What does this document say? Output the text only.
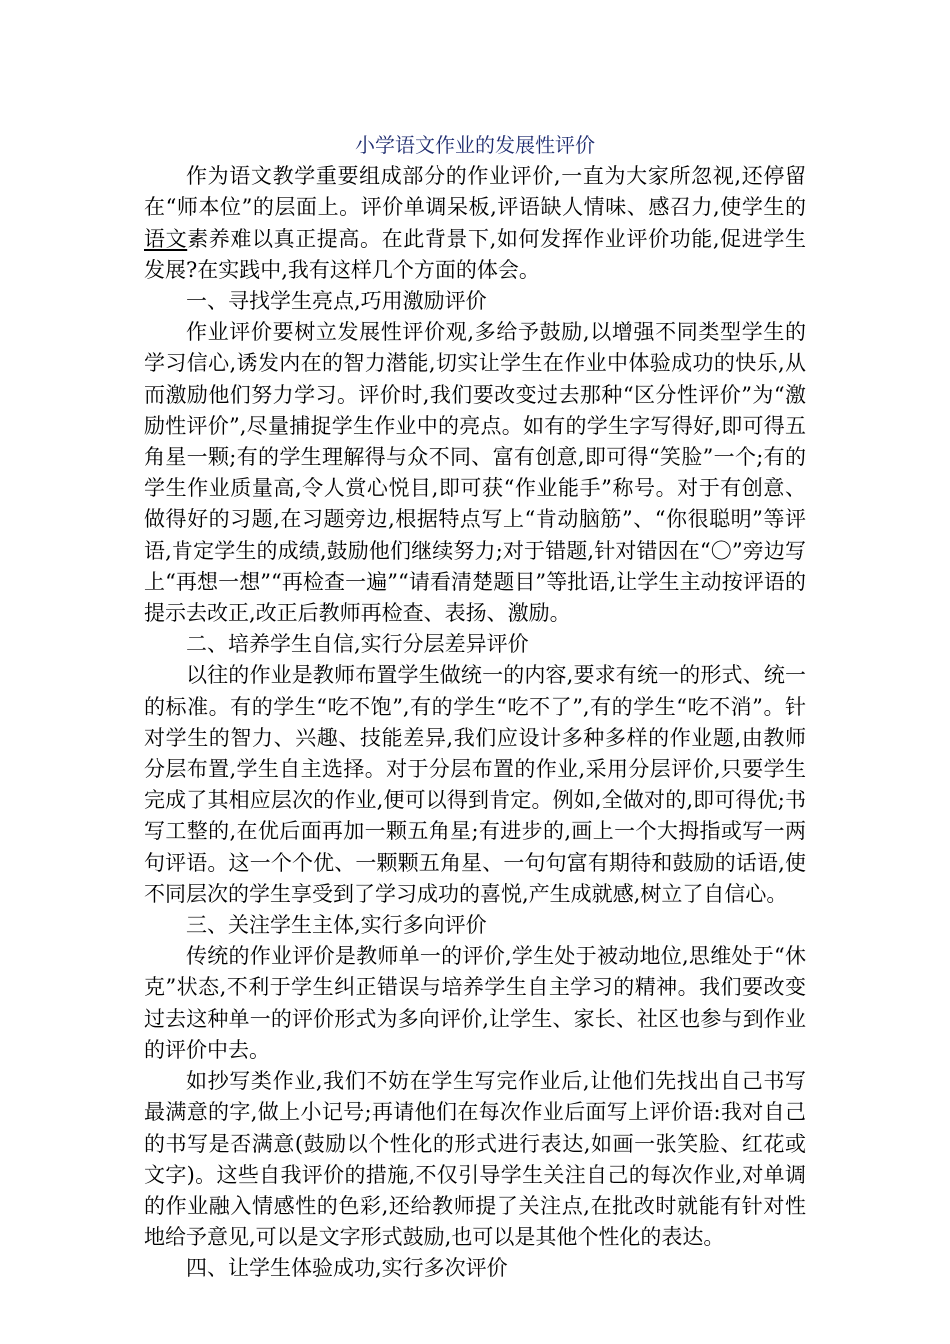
小学语文作业的发展性评价

作为语文教学重要组成部分的作业评价,一直为大家所忽视,还停留在“师本位”的层面上。评价单调呆板,评语缺人情味、感召力,使学生的语文素养难以真正提高。在此背景下,如何发挥作业评价功能,促进学生发展?在实践中,我有这样几个方面的体会。

一、寻找学生亮点,巧用激励评价

作业评价要树立发展性评价观,多给予鼓励,以增强不同类型学生的学习信心,诱发内在的智力潜能,切实让学生在作业中体验成功的快乐,从而激励他们努力学习。评价时,我们要改变过去那种“区分性评价”为“激励性评价”,尽量捕捉学生作业中的亮点。如有的学生字写得好,即可得五角星一颗;有的学生理解得与众不同、富有创意,即可得“笑脸”一个;有的学生作业质量高,令人赏心悦目,即可获“作业能手”称号。对于有创意、做得好的习题,在习题旁边,根据特点写上“肯动脑筋”、“你很聪明”等评语,肯定学生的成绩,鼓励他们继续努力;对于错题,针对错因在“〇”旁边写上“再想一想”“再检查一遍”“请看清楚题目”等批语,让学生主动按评语的提示去改正,改正后教师再检查、表扬、激励。

二、培养学生自信,实行分层差异评价

以往的作业是教师布置学生做统一的内容,要求有统一的形式、统一的标准。有的学生“吃不饱”,有的学生“吃不了”,有的学生“吃不消”。针对学生的智力、兴趣、技能差异,我们应设计多种多样的作业题,由教师分层布置,学生自主选择。对于分层布置的作业,采用分层评价,只要学生完成了其相应层次的作业,便可以得到肯定。例如,全做对的,即可得优;书写工整的,在优后面再加一颗五角星;有进步的,画上一个大拇指或写一两句评语。这一个个优、一颗颗五角星、一句句富有期待和鼓励的话语,使不同层次的学生享受到了学习成功的喜悦,产生成就感,树立了自信心。

三、关注学生主体,实行多向评价

传统的作业评价是教师单一的评价,学生处于被动地位,思维处于“休克”状态,不利于学生纠正错误与培养学生自主学习的精神。我们要改变过去这种单一的评价形式为多向评价,让学生、家长、社区也参与到作业的评价中去。

如抄写类作业,我们不妨在学生写完作业后,让他们先找出自己书写最满意的字,做上小记号;再请他们在每次作业后面写上评价语:我对自己的书写是否满意(鼓励以个性化的形式进行表达,如画一张笑脸、红花或文字)。这些自我评价的措施,不仅引导学生关注自己的每次作业,对单调的作业融入情感性的色彩,还给教师提了关注点,在批改时就能有针对性地给予意见,可以是文字形式鼓励,也可以是其他个性化的表达。

四、让学生体验成功,实行多次评价
